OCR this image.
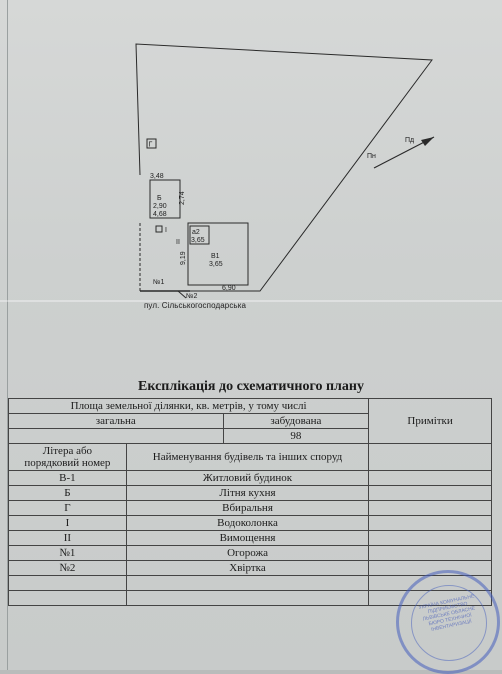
Г
3,48
2,74
Б
2,90
4,68
а2
3,65
В1
3,65
9,19
II
I
6,90
№1
№2
Пд
Пн
пул. Сільськогосподарська
Експлікація до схематичного плану
Площа земельної ділянки, кв. метрів, у тому числі			Примітки
загальна		забудована	
		98	

Літера або
порядковий номер	Найменування будівель та інших споруд		
В-1	Житловий будинок		
Б	Літня кухня		
Г	Вбиральня		
І	Водоколонка		
ІІ	Вимощення		
№1	Огорожа		
№2	Хвіртка		

УКРАЇНА КОМУНАЛЬНЕ ПІДПРИЄМСТВО ЛЬВІВСЬКЕ ОБЛАСНЕ БЮРО ТЕХНІЧНОЇ ІНВЕНТАРИЗАЦІЇ
